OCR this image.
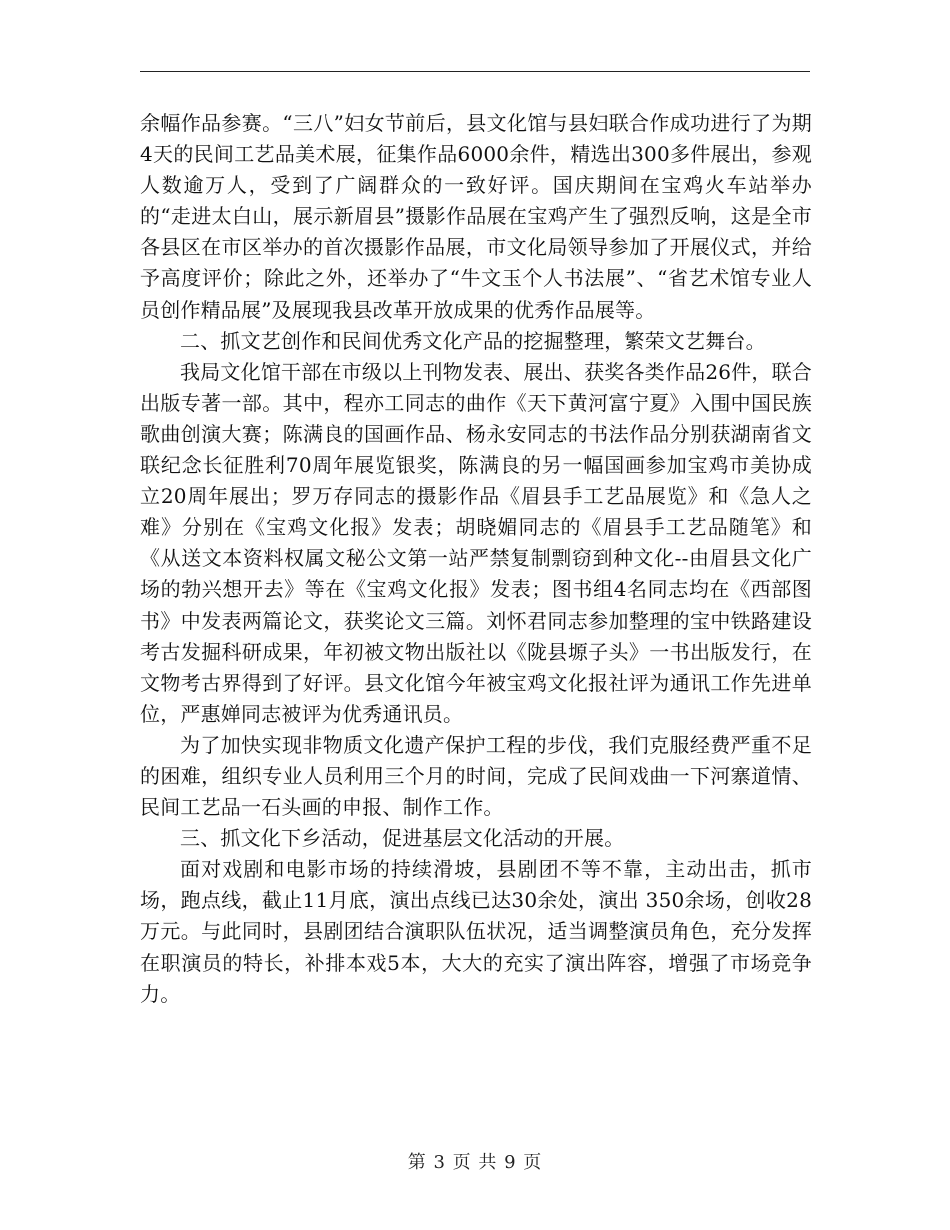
余幅作品参赛。“三八”妇女节前后，县文化馆与县妇联合作成功进行了为期4天的民间工艺品美术展，征集作品6000余件，精选出300多件展出，参观人数逾万人，受到了广阔群众的一致好评。国庆期间在宝鸡火车站举办的“走进太白山，展示新眉县”摄影作品展在宝鸡产生了强烈反响，这是全市各县区在市区举办的首次摄影作品展，市文化局领导参加了开展仪式，并给予高度评价；除此之外，还举办了“牛文玉个人书法展”、“省艺术馆专业人员创作精品展”及展现我县改革开放成果的优秀作品展等。

二、抓文艺创作和民间优秀文化产品的挖掘整理，繁荣文艺舞台。

我局文化馆干部在市级以上刊物发表、展出、获奖各类作品26件，联合出版专著一部。其中，程亦工同志的曲作《天下黄河富宁夏》入围中国民族歌曲创演大赛；陈满良的国画作品、杨永安同志的书法作品分别获湖南省文联纪念长征胜利70周年展览银奖，陈满良的另一幅国画参加宝鸡市美协成立20周年展出；罗万存同志的摄影作品《眉县手工艺品展览》和《急人之难》分别在《宝鸡文化报》发表；胡晓媚同志的《眉县手工艺品随笔》和《从送文本资料权属文秘公文第一站严禁复制剽窃到种文化--由眉县文化广场的勃兴想开去》等在《宝鸡文化报》发表；图书组4名同志均在《西部图书》中发表两篇论文，获奖论文三篇。刘怀君同志参加整理的宝中铁路建设考古发掘科研成果，年初被文物出版社以《陇县塬子头》一书出版发行，在文物考古界得到了好评。县文化馆今年被宝鸡文化报社评为通讯工作先进单位，严惠婵同志被评为优秀通讯员。

为了加快实现非物质文化遗产保护工程的步伐，我们克服经费严重不足的困难，组织专业人员利用三个月的时间，完成了民间戏曲一下河寨道情、民间工艺品一石头画的申报、制作工作。

三、抓文化下乡活动，促进基层文化活动的开展。

面对戏剧和电影市场的持续滑坡，县剧团不等不靠，主动出击，抓市场，跑点线，截止11月底，演出点线已达30余处，演出 350余场，创收28万元。与此同时，县剧团结合演职队伍状况，适当调整演员角色，充分发挥在职演员的特长，补排本戏5本，大大的充实了演出阵容，增强了市场竞争力。

第 3 页 共 9 页
